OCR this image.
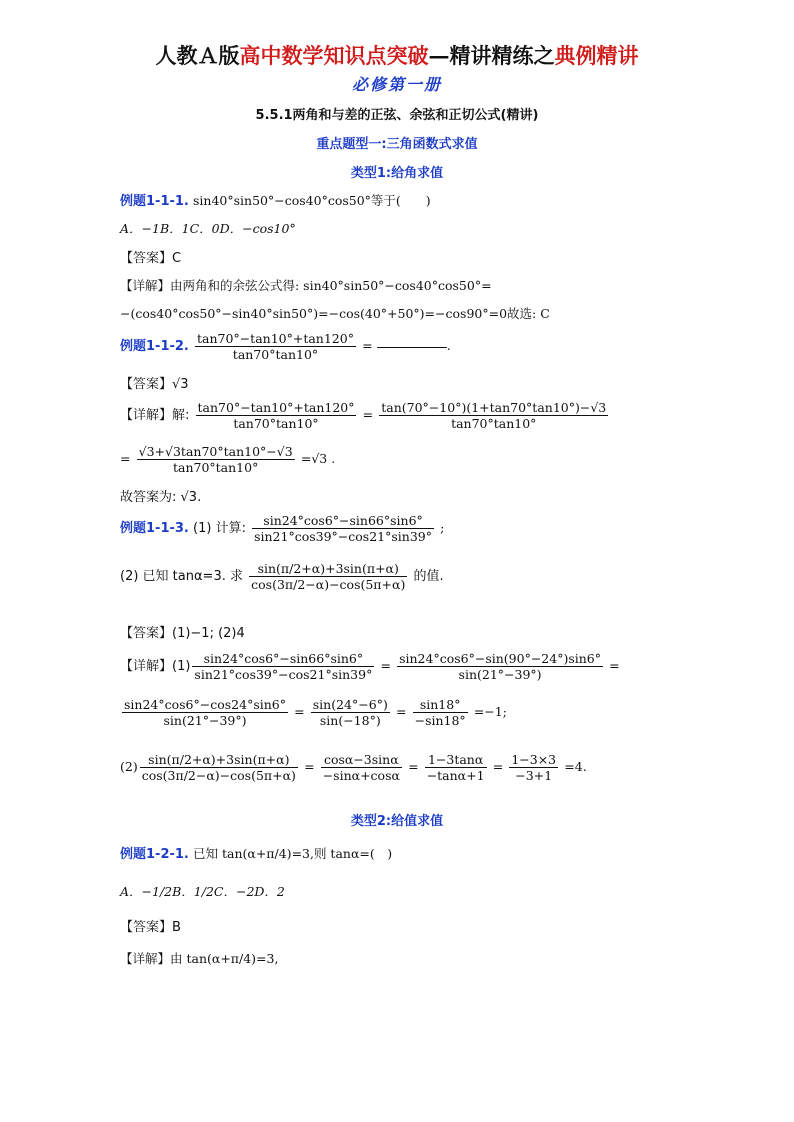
人教Ａ版高中数学知识点突破—精讲精练之典例精讲
必修第一册
5.5.1两角和与差的正弦、余弦和正切公式(精讲)
重点题型一:三角函数式求值
类型1:给角求值
例题1-1-1. sin40°sin50°−cos40°cos50°等于(　　)
A．−1B．1C．0D．−cos10°
【答案】C
【详解】由两角和的余弦公式得: sin40°sin50°−cos40°cos50°=
−(cos40°cos50°−sin40°sin50°)=−cos(40°+50°)=−cos90°=0故选: C
例题1-1-2. $\frac{\tan 70^\circ-\tan 10^\circ+\tan 120^\circ}{\tan 70^\circ\tan 10^\circ}$ =	.
【答案】√3
【详解】解: $\frac{\tan 70^\circ-\tan 10^\circ+\tan 120^\circ}{\tan 70^\circ\tan 10^\circ} = \frac{\tan(70^\circ-10^\circ)(1+\tan 70^\circ\tan 10^\circ)-√3}{\tan 70^\circ\tan 10^\circ}$
= $\frac{√3+√3\tan 70^\circ\tan 10^\circ-√3}{\tan 70^\circ\tan 10^\circ} =√3$ .
故答案为: √3.
例题1-1-3. (1) 计算: $\frac{\sin 24^\circ\cos 6^\circ-\sin 66^\circ\sin 6^\circ}{\sin 21^\circ\cos 39^\circ-\cos 21^\circ\sin 39^\circ}$ ;
(2) 已知 tanα=3. 求 $\frac{\sin(\pi/2+\alpha)+3\sin(\pi+\alpha)}{\cos(3\pi/2-\alpha)-\cos(5\pi+\alpha)}$ 的值.
【答案】(1)−1; (2)4
【详解】$(1) \frac{\sin 24^\circ\cos 6^\circ-\sin 66^\circ\sin 6^\circ}{\sin 21^\circ\cos 39^\circ-\cos 21^\circ\sin 39^\circ} = \frac{\sin 24^\circ\cos 6^\circ-\sin(90^\circ-24^\circ)\sin 6^\circ}{\sin(21^\circ-39^\circ)}$ =
$\frac{\sin 24^\circ\cos 6^\circ-\cos 24^\circ\sin 6^\circ}{\sin(21^\circ-39^\circ)} = \frac{\sin(24^\circ-6^\circ)}{\sin(-18^\circ)} = \frac{\sin 18^\circ}{-\sin 18^\circ} =-1$;
$(2) \frac{\sin(\pi/2+\alpha)+3\sin(\pi+\alpha)}{\cos(3\pi/2-\alpha)-\cos(5\pi+\alpha)} = \frac{\cos\alpha-3\sin\alpha}{-\sin\alpha+\cos\alpha} = \frac{1-3\tan\alpha}{-\tan\alpha+1} = \frac{1-3\times 3}{-3+1} =4$.
类型2:给值求值
例题1-2-1. 已知 tan(α+π/4)=3,则 tanα=(　)
A．−1/2B．1/2C．−2D．2
【答案】B
【详解】由 tan(α+π/4)=3,
